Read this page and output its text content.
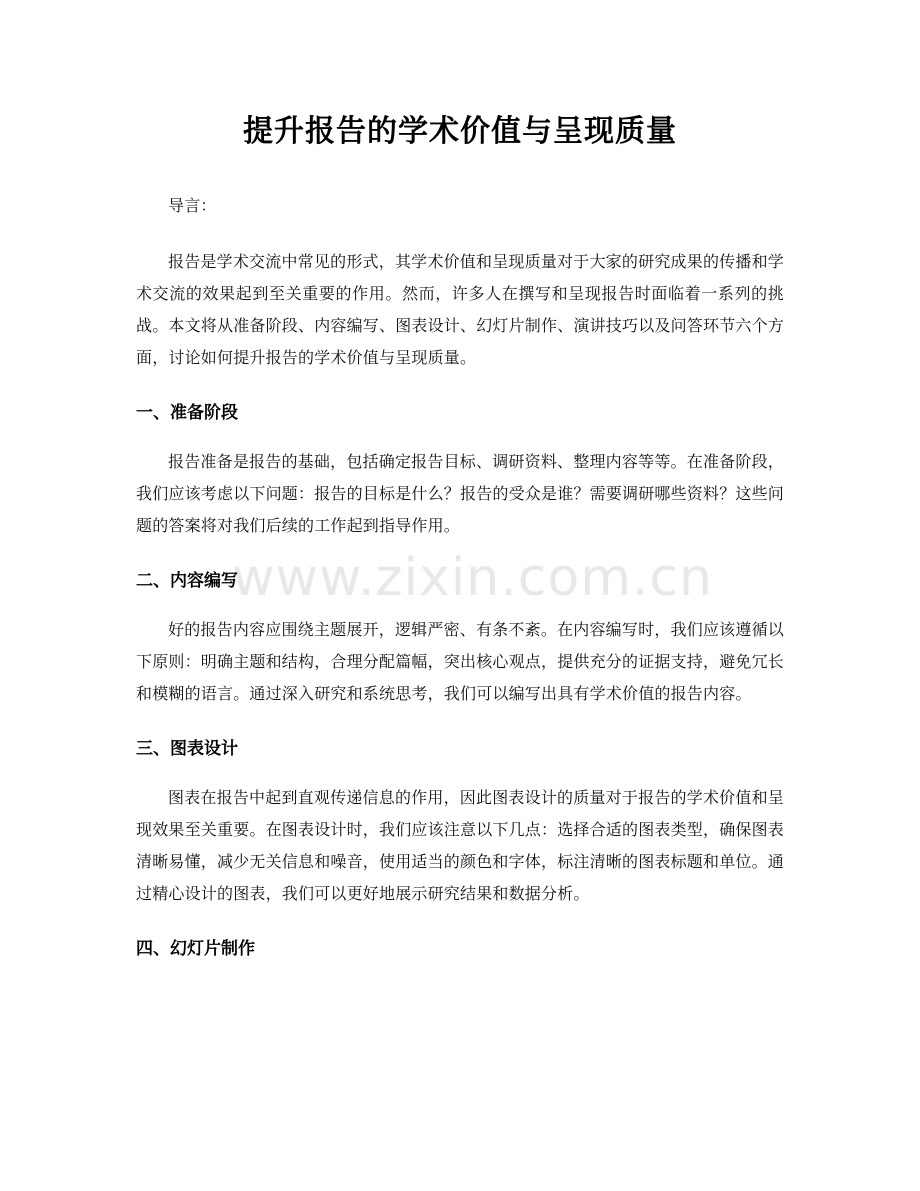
提升报告的学术价值与呈现质量

导言：

报告是学术交流中常见的形式，其学术价值和呈现质量对于大家的研究成果的传播和学术交流的效果起到至关重要的作用。然而，许多人在撰写和呈现报告时面临着一系列的挑战。本文将从准备阶段、内容编写、图表设计、幻灯片制作、演讲技巧以及问答环节六个方面，讨论如何提升报告的学术价值与呈现质量。

一、准备阶段

报告准备是报告的基础，包括确定报告目标、调研资料、整理内容等等。在准备阶段，我们应该考虑以下问题：报告的目标是什么？报告的受众是谁？需要调研哪些资料？这些问题的答案将对我们后续的工作起到指导作用。

二、内容编写

好的报告内容应围绕主题展开，逻辑严密、有条不紊。在内容编写时，我们应该遵循以下原则：明确主题和结构，合理分配篇幅，突出核心观点，提供充分的证据支持，避免冗长和模糊的语言。通过深入研究和系统思考，我们可以编写出具有学术价值的报告内容。

三、图表设计

图表在报告中起到直观传递信息的作用，因此图表设计的质量对于报告的学术价值和呈现效果至关重要。在图表设计时，我们应该注意以下几点：选择合适的图表类型，确保图表清晰易懂，减少无关信息和噪音，使用适当的颜色和字体，标注清晰的图表标题和单位。通过精心设计的图表，我们可以更好地展示研究结果和数据分析。

四、幻灯片制作
www.zixin.com.cn
